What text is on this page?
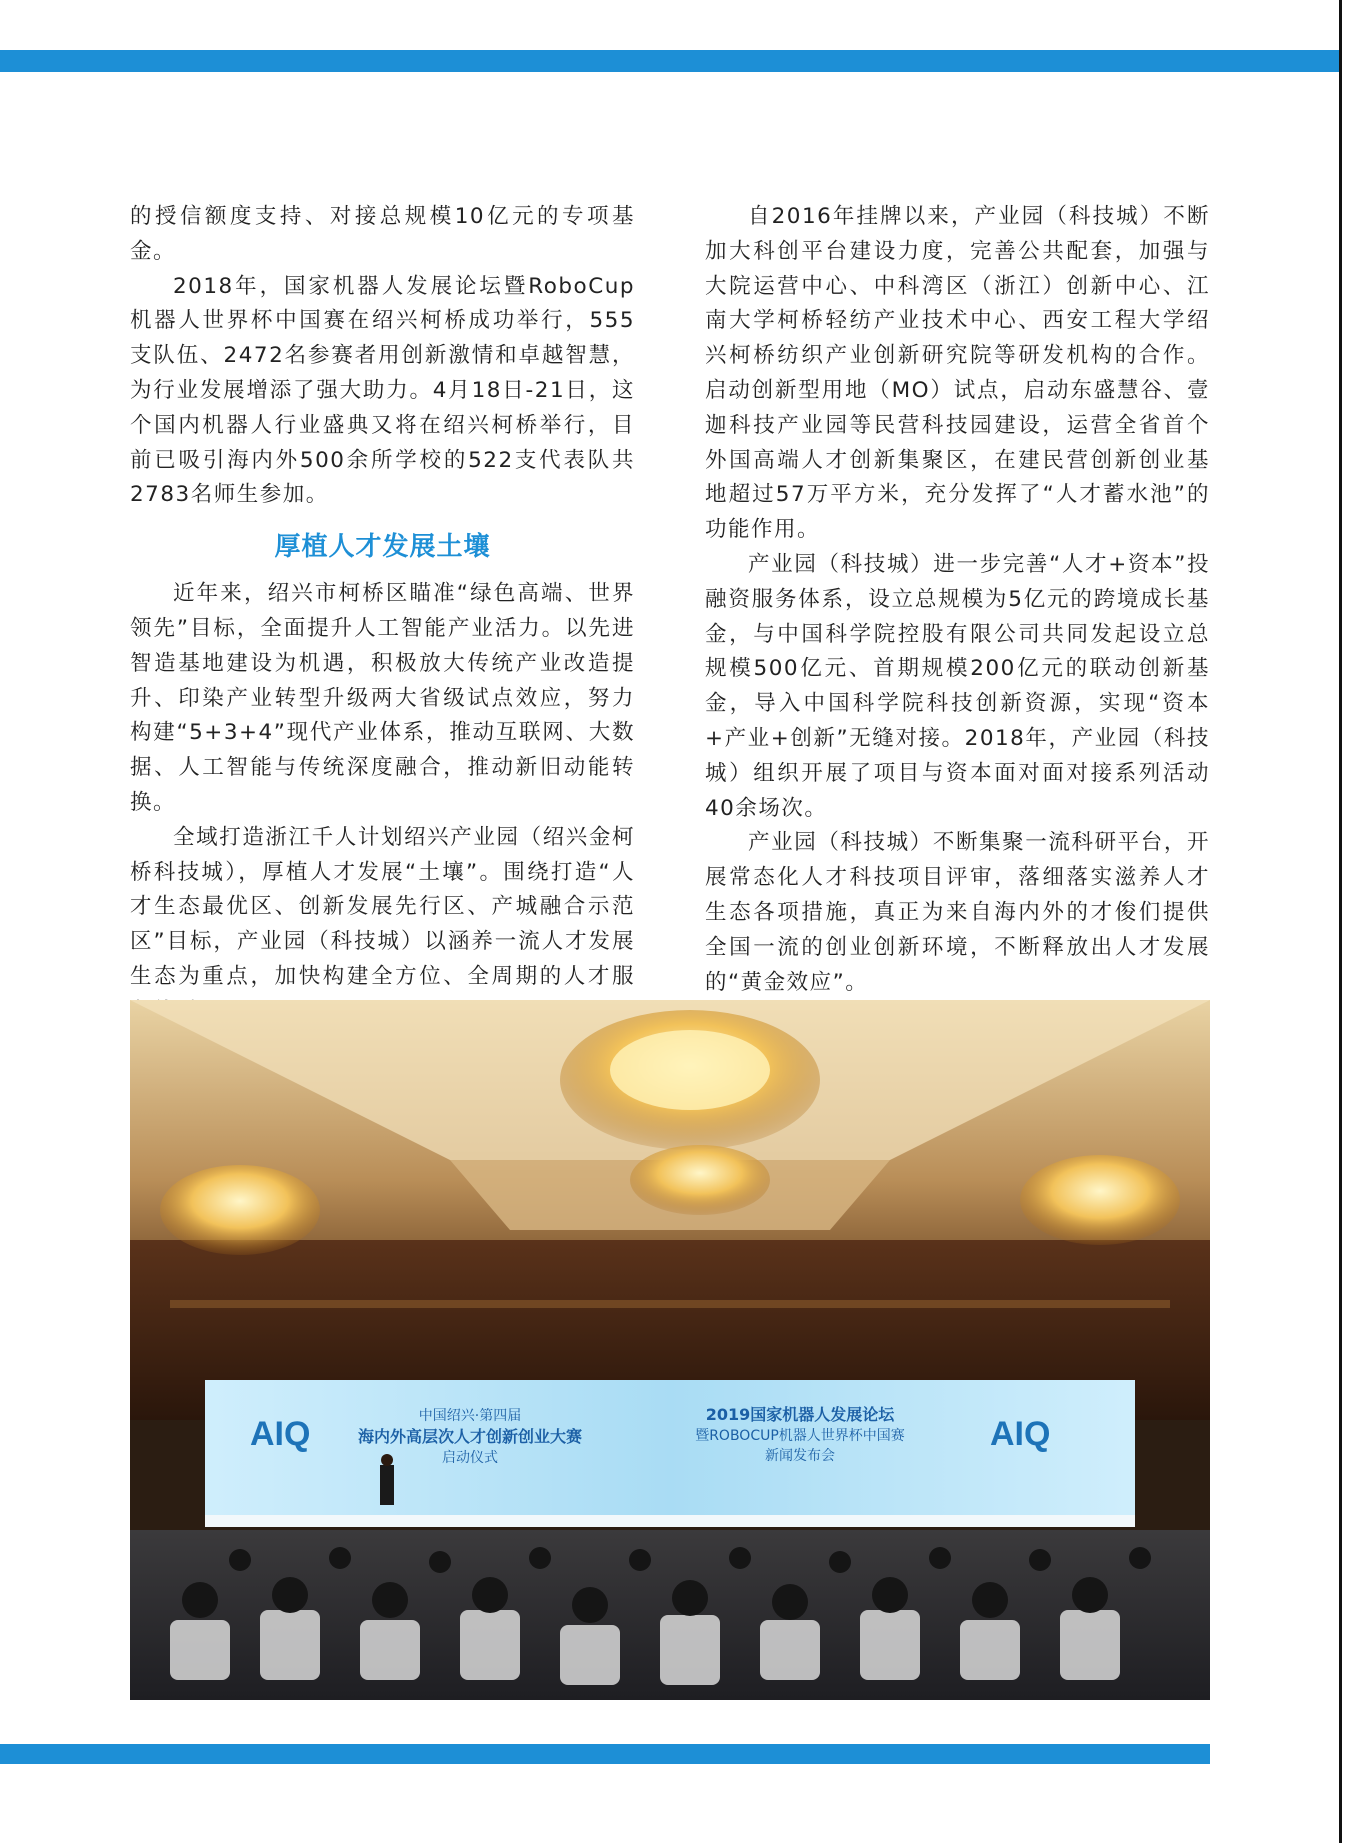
的授信额度支持、对接总规模10亿元的专项基金。

2018年，国家机器人发展论坛暨RoboCup机器人世界杯中国赛在绍兴柯桥成功举行，555支队伍、2472名参赛者用创新激情和卓越智慧，为行业发展增添了强大助力。4月18日-21日，这个国内机器人行业盛典又将在绍兴柯桥举行，目前已吸引海内外500余所学校的522支代表队共2783名师生参加。

厚植人才发展土壤

近年来，绍兴市柯桥区瞄准“绿色高端、世界领先”目标，全面提升人工智能产业活力。以先进智造基地建设为机遇，积极放大传统产业改造提升、印染产业转型升级两大省级试点效应，努力构建“5+3+4”现代产业体系，推动互联网、大数据、人工智能与传统深度融合，推动新旧动能转换。

全域打造浙江千人计划绍兴产业园（绍兴金柯桥科技城），厚植人才发展“土壤”。围绕打造“人才生态最优区、创新发展先行区、产城融合示范区”目标，产业园（科技城）以涵养一流人才发展生态为重点，加快构建全方位、全周期的人才服

自2016年挂牌以来，产业园（科技城）不断加大科创平台建设力度，完善公共配套，加强与大院运营中心、中科湾区（浙江）创新中心、江南大学柯桥轻纺产业技术中心、西安工程大学绍兴柯桥纺织产业创新研究院等研发机构的合作。启动创新型用地（MO）试点，启动东盛慧谷、壹迦科技产业园等民营科技园建设，运营全省首个外国高端人才创新集聚区，在建民营创新创业基地超过57万平方米，充分发挥了“人才蓄水池”的功能作用。

产业园（科技城）进一步完善“人才+资本”投融资服务体系，设立总规模为5亿元的跨境成长基金，与中国科学院控股有限公司共同发起设立总规模500亿元、首期规模200亿元的联动创新基金，导入中国科学院科技创新资源，实现“资本+产业+创新”无缝对接。2018年，产业园（科技城）组织开展了项目与资本面对面对接系列活动40余场次。

产业园（科技城）不断集聚一流科研平台，开展常态化人才科技项目评审，落细落实滋养人才生态各项措施，真正为来自海内外的才俊们提供全国一流的创业创新环境，不断释放出人才发展的“黄金效应”。

AIQ	AIQ
中国绍兴·第四届
海内外高层次人才创新创业大赛
启动仪式
2019国家机器人发展论坛
暨ROBOCUP机器人世界杯中国赛
新闻发布会
